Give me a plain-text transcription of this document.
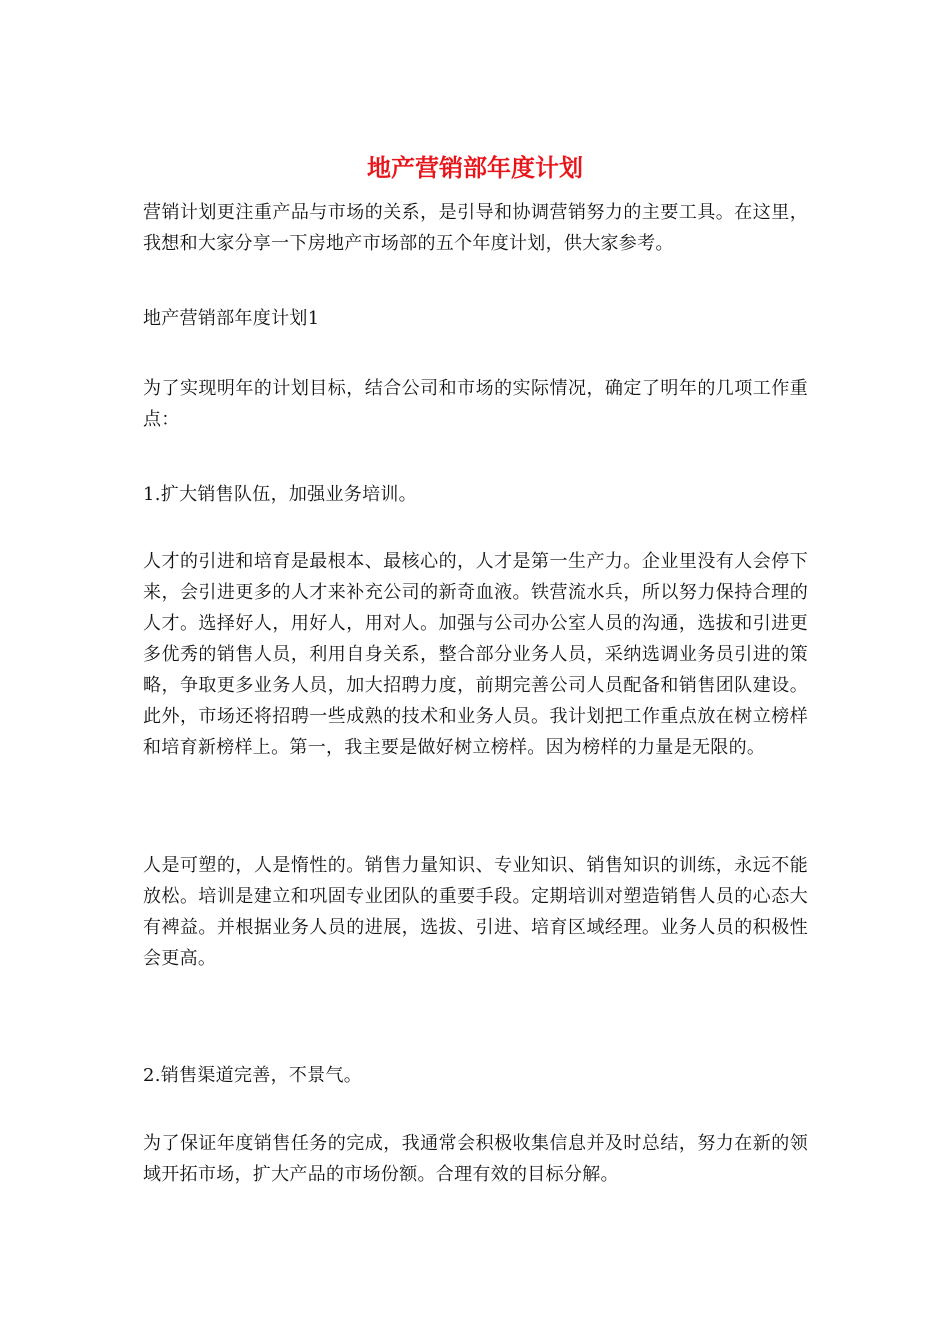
地产营销部年度计划

营销计划更注重产品与市场的关系，是引导和协调营销努力的主要工具。在这里，我想和大家分享一下房地产市场部的五个年度计划，供大家参考。

地产营销部年度计划1

为了实现明年的计划目标，结合公司和市场的实际情况，确定了明年的几项工作重点：

1.扩大销售队伍，加强业务培训。

人才的引进和培育是最根本、最核心的，人才是第一生产力。企业里没有人会停下来，会引进更多的人才来补充公司的新奇血液。铁营流水兵，所以努力保持合理的人才。选择好人，用好人，用对人。加强与公司办公室人员的沟通，选拔和引进更多优秀的销售人员，利用自身关系，整合部分业务人员，采纳选调业务员引进的策略，争取更多业务人员，加大招聘力度，前期完善公司人员配备和销售团队建设。此外，市场还将招聘一些成熟的技术和业务人员。我计划把工作重点放在树立榜样和培育新榜样上。第一，我主要是做好树立榜样。因为榜样的力量是无限的。

人是可塑的，人是惰性的。销售力量知识、专业知识、销售知识的训练，永远不能放松。培训是建立和巩固专业团队的重要手段。定期培训对塑造销售人员的心态大有裨益。并根据业务人员的进展，选拔、引进、培育区域经理。业务人员的积极性会更高。

2.销售渠道完善，不景气。

为了保证年度销售任务的完成，我通常会积极收集信息并及时总结，努力在新的领域开拓市场，扩大产品的市场份额。合理有效的目标分解。
